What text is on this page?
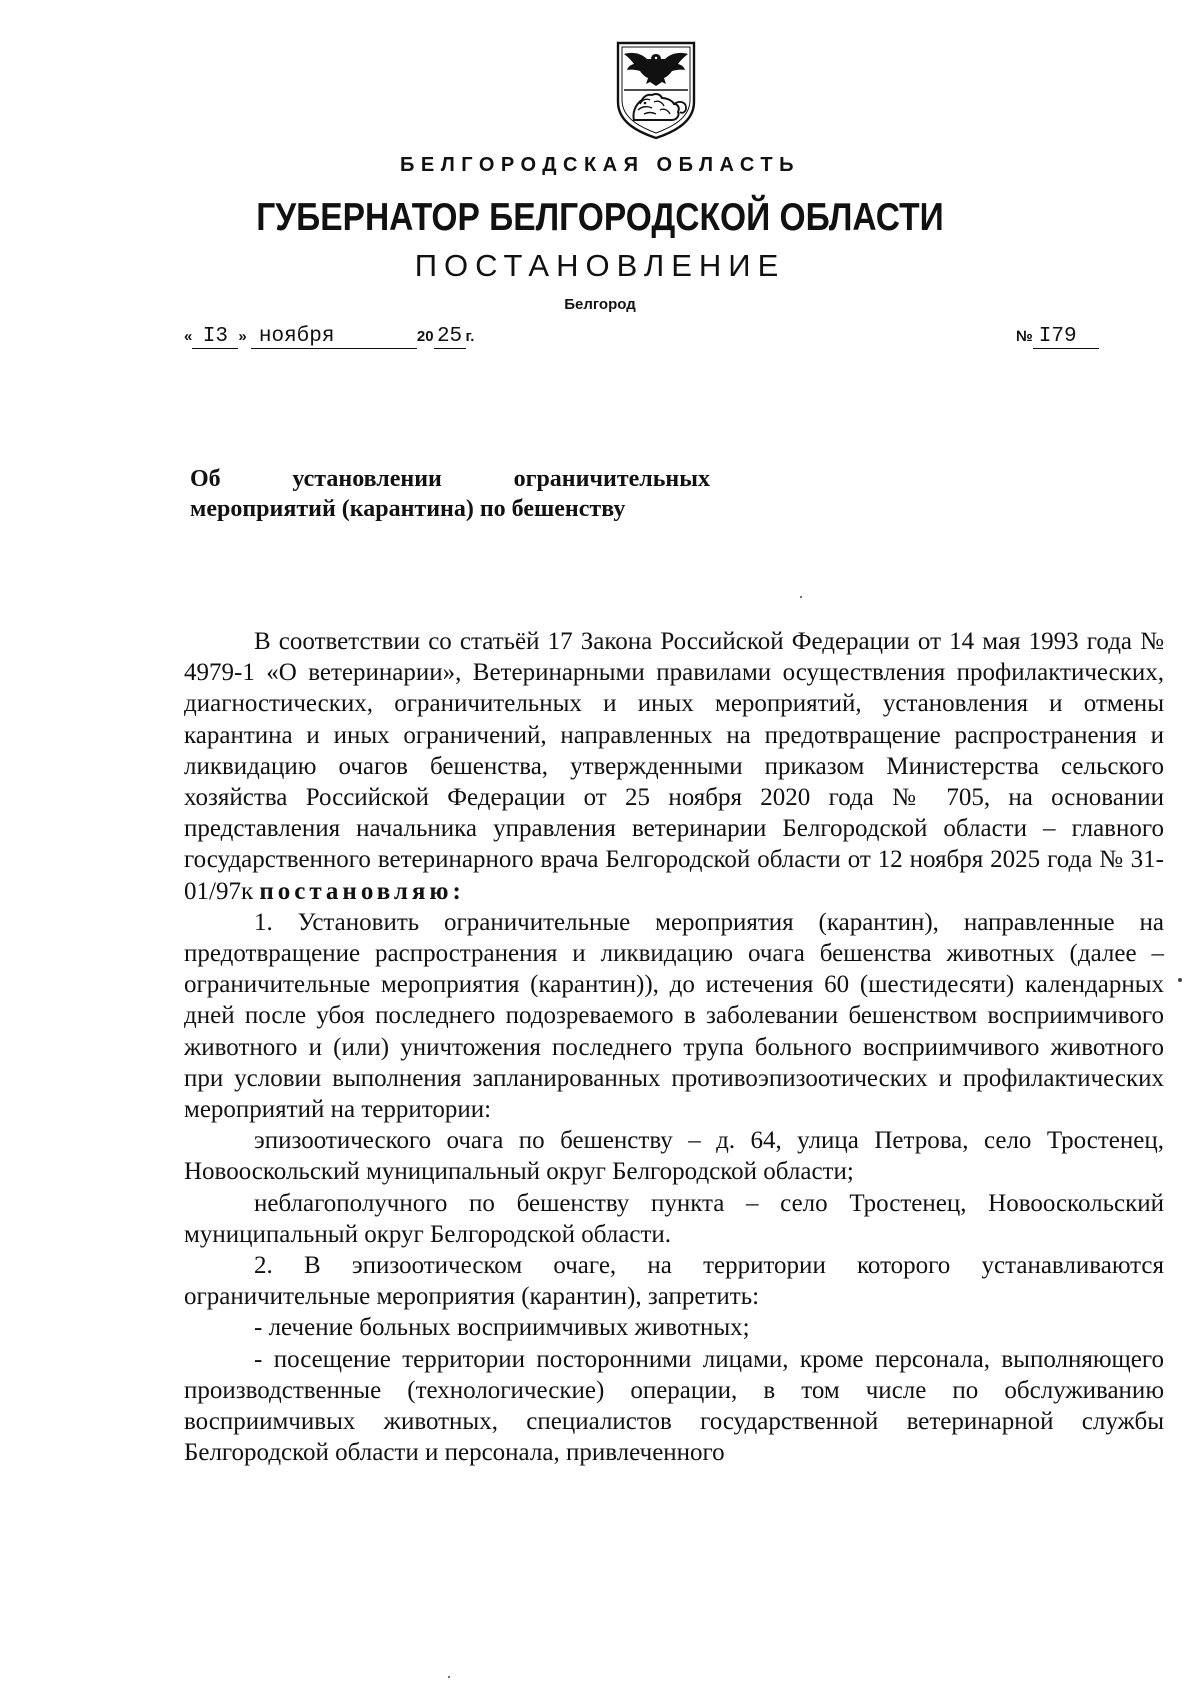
БЕЛГОРОДСКАЯ ОБЛАСТЬ
ГУБЕРНАТОР БЕЛГОРОДСКОЙ ОБЛАСТИ
ПОСТАНОВЛЕНИЕ
Белгород
« I3 » ноября	20 25 г.	№ I79
Об установлении ограничительных
мероприятий (карантина) по бешенству

В соответствии со статьёй 17 Закона Российской Федерации от 14 мая 1993 года № 4979-1 «О ветеринарии», Ветеринарными правилами осуществления профилактических, диагностических, ограничительных и иных мероприятий, установления и отмены карантина и иных ограничений, направленных на предотвращение распространения и ликвидацию очагов бешенства, утвержденными приказом Министерства сельского хозяйства Российской Федерации от 25 ноября 2020 года № 705, на основании представления начальника управления ветеринарии Белгородской области – главного государственного ветеринарного врача Белгородской области от 12 ноября 2025 года № 31-01/97к постановляю:

1. Установить ограничительные мероприятия (карантин), направленные на предотвращение распространения и ликвидацию очага бешенства животных (далее – ограничительные мероприятия (карантин)), до истечения 60 (шестидесяти) календарных дней после убоя последнего подозреваемого в заболевании бешенством восприимчивого животного и (или) уничтожения последнего трупа больного восприимчивого животного при условии выполнения запланированных противоэпизоотических и профилактических мероприятий на территории:

эпизоотического очага по бешенству – д. 64, улица Петрова, село Тростенец, Новооскольский муниципальный округ Белгородской области;

неблагополучного по бешенству пункта – село Тростенец, Новооскольский муниципальный округ Белгородской области.

2. В эпизоотическом очаге, на территории которого устанавливаются ограничительные мероприятия (карантин), запретить:

- лечение больных восприимчивых животных;

- посещение территории посторонними лицами, кроме персонала, выполняющего производственные (технологические) операции, в том числе по обслуживанию восприимчивых животных, специалистов государственной ветеринарной службы Белгородской области и персонала, привлеченного
